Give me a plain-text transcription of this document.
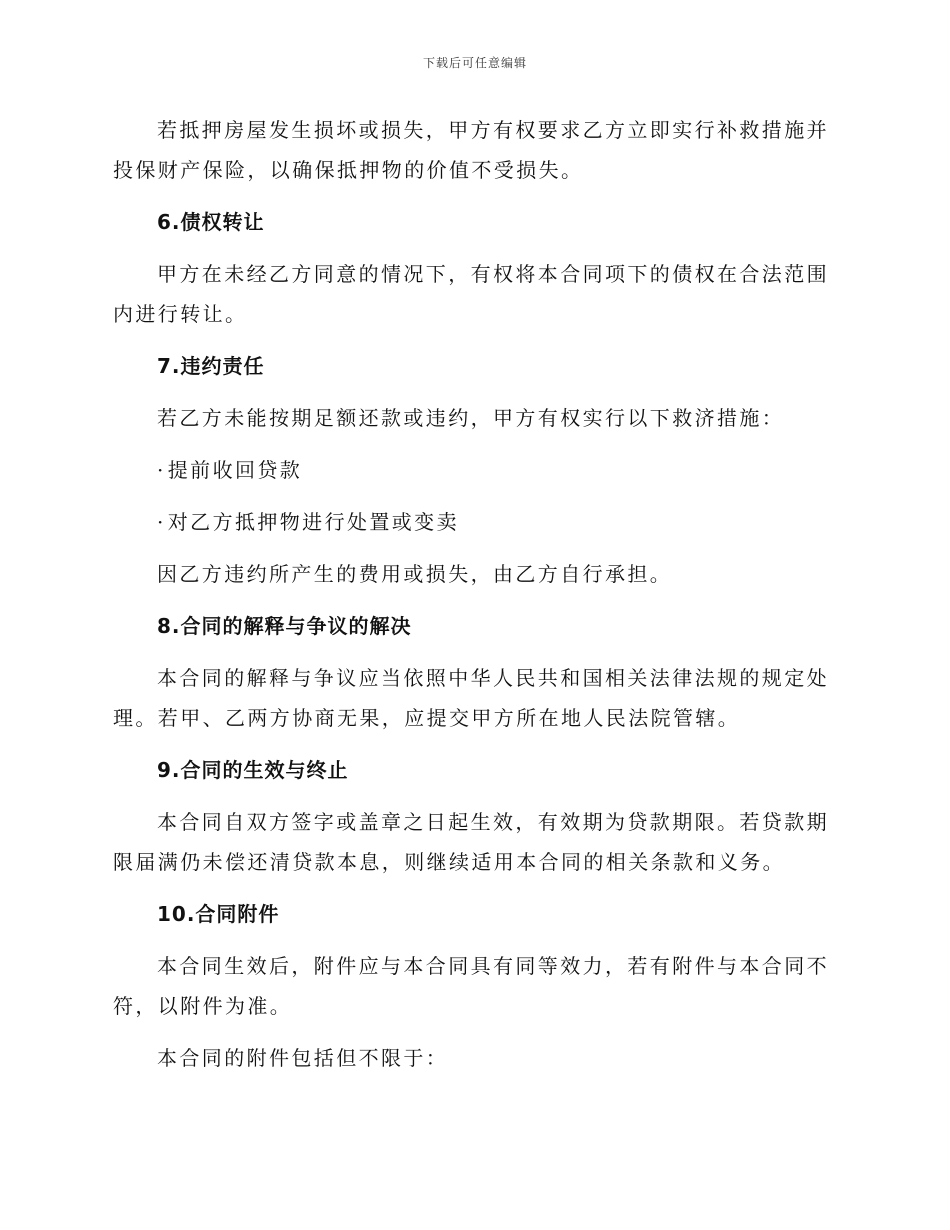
下载后可任意编辑

若抵押房屋发生损坏或损失，甲方有权要求乙方立即实行补救措施并投保财产保险，以确保抵押物的价值不受损失。

6.债权转让

甲方在未经乙方同意的情况下，有权将本合同项下的债权在合法范围内进行转让。

7.违约责任

若乙方未能按期足额还款或违约，甲方有权实行以下救济措施：

· 提前收回贷款
· 对乙方抵押物进行处置或变卖

因乙方违约所产生的费用或损失，由乙方自行承担。

8.合同的解释与争议的解决

本合同的解释与争议应当依照中华人民共和国相关法律法规的规定处理。若甲、乙两方协商无果，应提交甲方所在地人民法院管辖。

9.合同的生效与终止

本合同自双方签字或盖章之日起生效，有效期为贷款期限。若贷款期限届满仍未偿还清贷款本息，则继续适用本合同的相关条款和义务。

10.合同附件

本合同生效后，附件应与本合同具有同等效力，若有附件与本合同不符，以附件为准。

本合同的附件包括但不限于：
